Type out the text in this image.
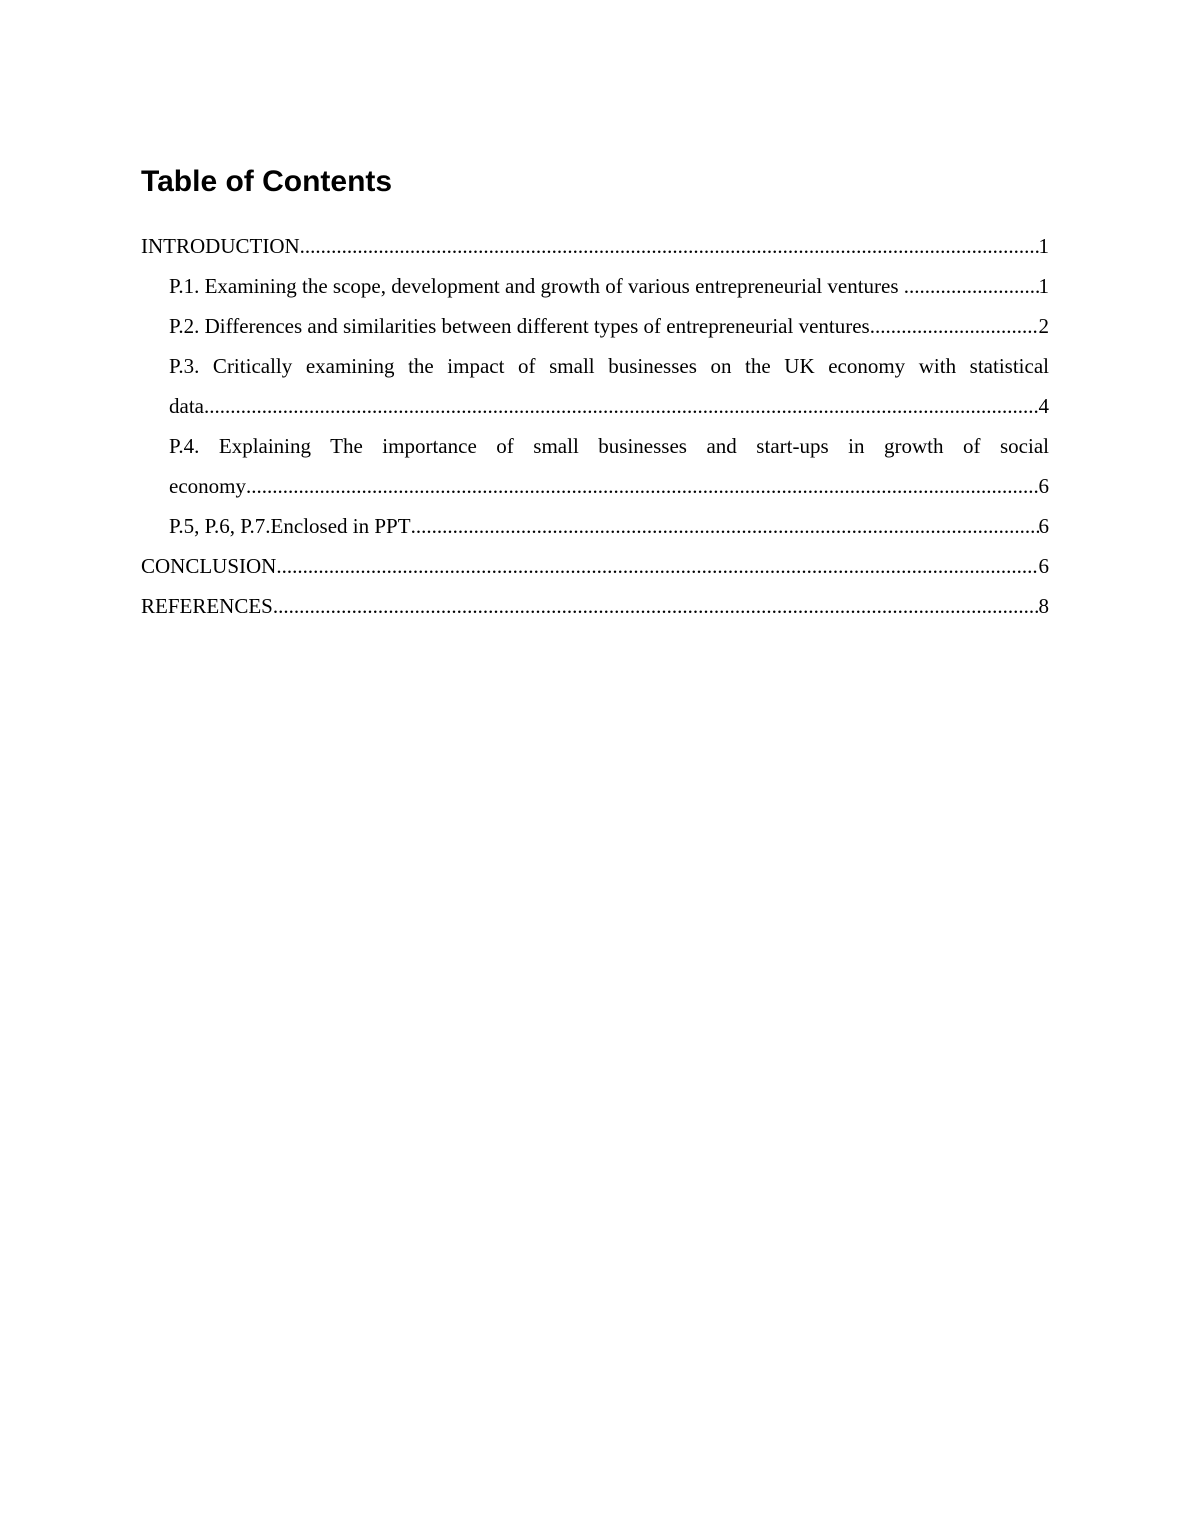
Table of Contents
INTRODUCTION .....	1
P.1. Examining the scope, development and growth of various entrepreneurial ventures .....	1
P.2. Differences and similarities between different types of entrepreneurial ventures .....	2
P.3. Critically examining the impact of small businesses on the UK economy with statistical
data .....	4
P.4. Explaining The importance of small businesses and start-ups in growth of social
economy .....	6
P.5, P.6, P.7.Enclosed in PPT .....	6
CONCLUSION .....	6
REFERENCES .....	8
